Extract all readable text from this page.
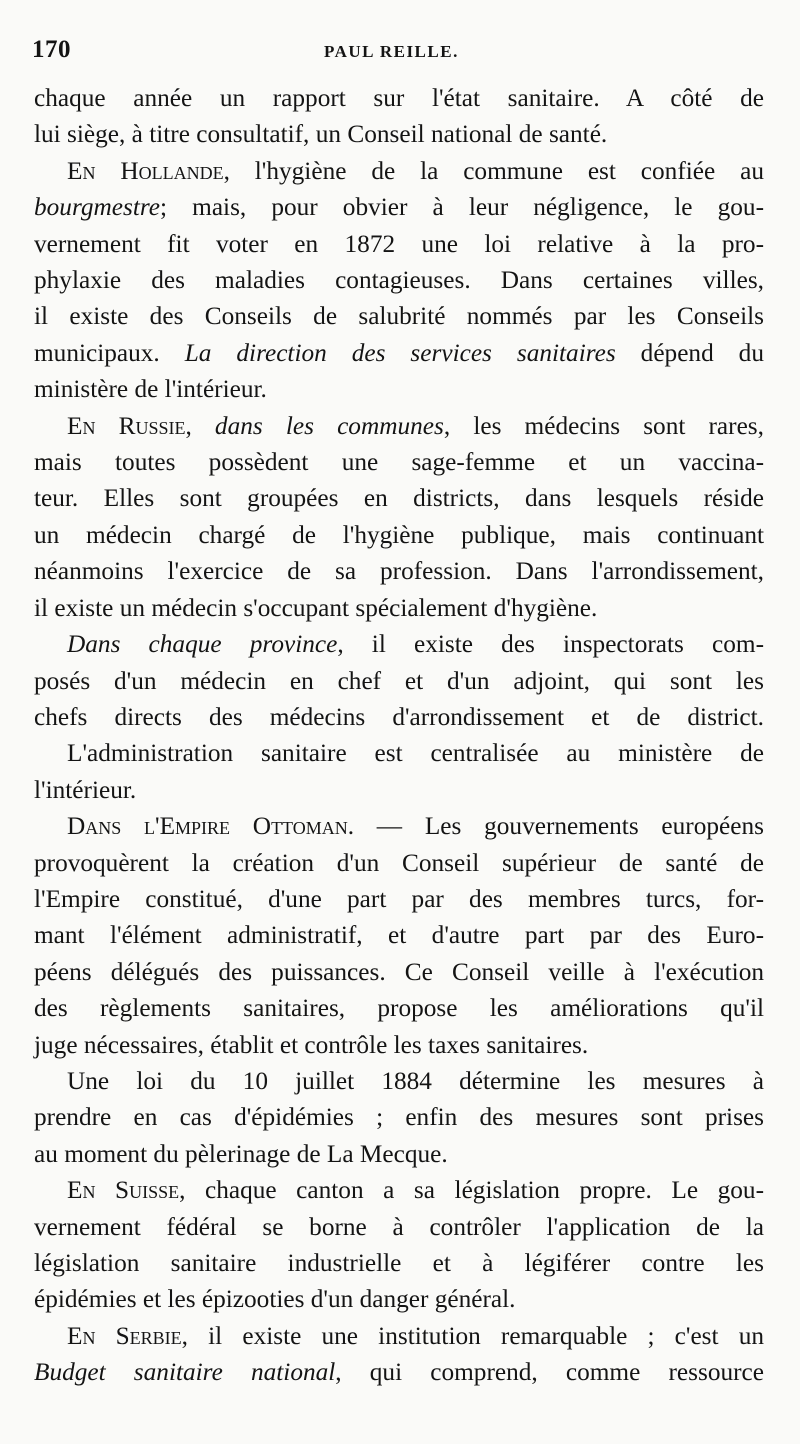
170	PAUL REILLE.
chaque année un rapport sur l'état sanitaire. A côté de
lui siège, à titre consultatif, un Conseil national de santé.
En Hollande, l'hygiène de la commune est confiée au
bourgmestre; mais, pour obvier à leur négligence, le gou-
vernement fit voter en 1872 une loi relative à la pro-
phylaxie des maladies contagieuses. Dans certaines villes,
il existe des Conseils de salubrité nommés par les Conseils
municipaux. La direction des services sanitaires dépend du
ministère de l'intérieur.
En Russie, dans les communes, les médecins sont rares,
mais toutes possèdent une sage-femme et un vaccina-
teur. Elles sont groupées en districts, dans lesquels réside
un médecin chargé de l'hygiène publique, mais continuant
néanmoins l'exercice de sa profession. Dans l'arrondissement,
il existe un médecin s'occupant spécialement d'hygiène.
Dans chaque province, il existe des inspectorats com-
posés d'un médecin en chef et d'un adjoint, qui sont les
chefs directs des médecins d'arrondissement et de district.
L'administration sanitaire est centralisée au ministère de
l'intérieur.
Dans l'Empire Ottoman. — Les gouvernements européens
provoquèrent la création d'un Conseil supérieur de santé de
l'Empire constitué, d'une part par des membres turcs, for-
mant l'élément administratif, et d'autre part par des Euro-
péens délégués des puissances. Ce Conseil veille à l'exécution
des règlements sanitaires, propose les améliorations qu'il
juge nécessaires, établit et contrôle les taxes sanitaires.
Une loi du 10 juillet 1884 détermine les mesures à
prendre en cas d'épidémies ; enfin des mesures sont prises
au moment du pèlerinage de La Mecque.
En Suisse, chaque canton a sa législation propre. Le gou-
vernement fédéral se borne à contrôler l'application de la
législation sanitaire industrielle et à légiférer contre les
épidémies et les épizooties d'un danger général.
En Serbie, il existe une institution remarquable ; c'est un
Budget sanitaire national, qui comprend, comme ressource
